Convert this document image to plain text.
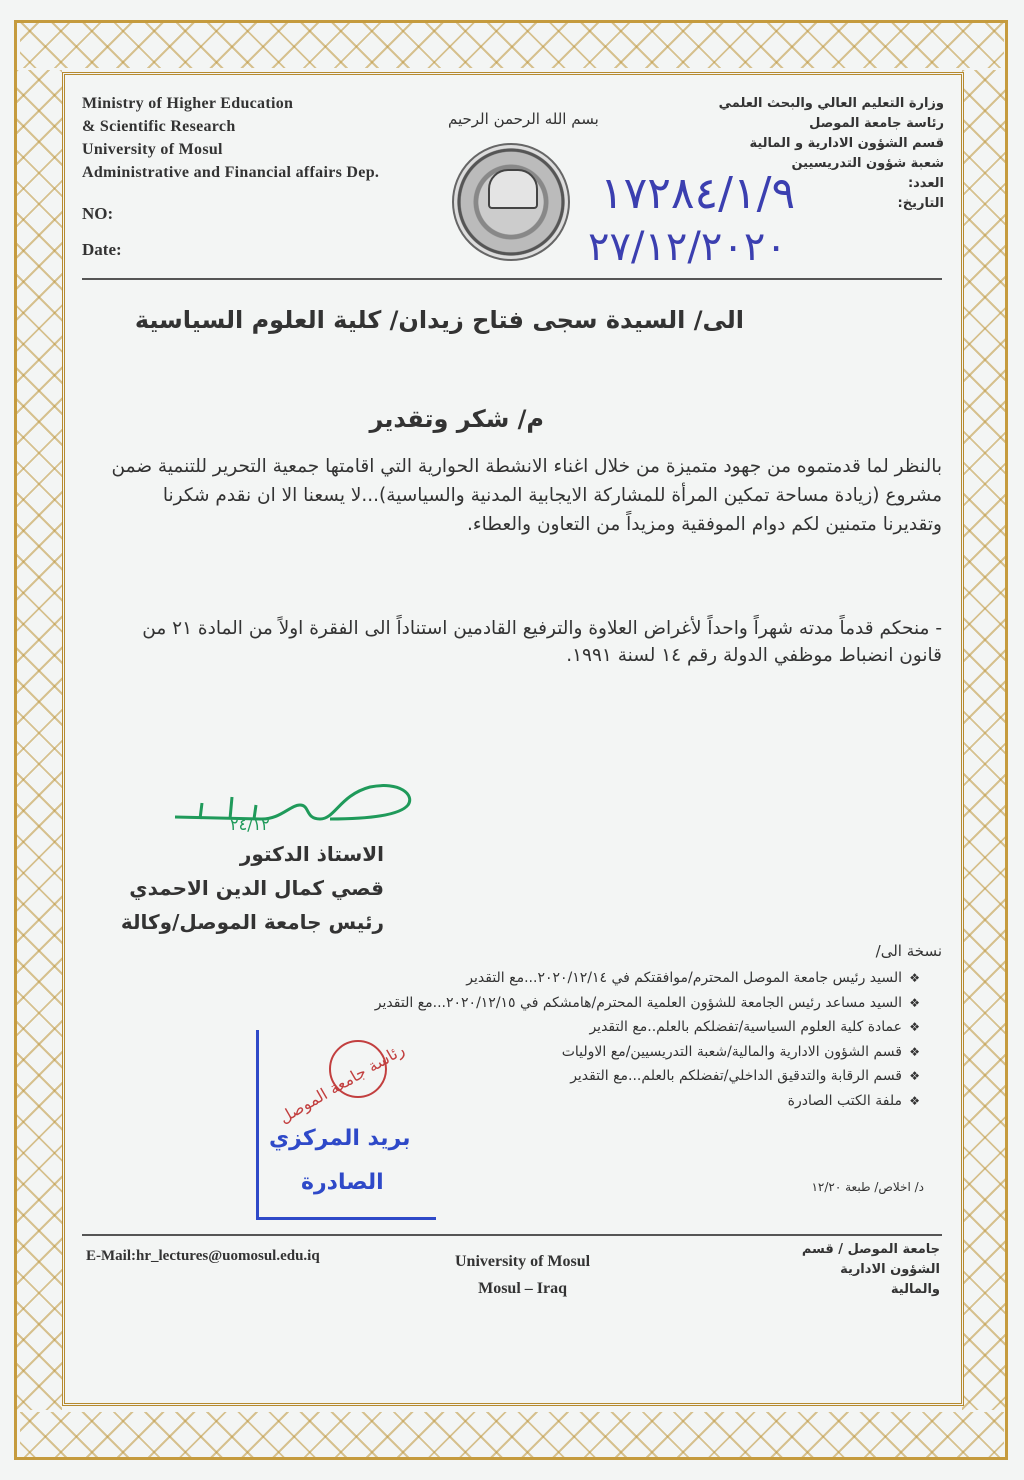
Ministry of Higher Education
& Scientific Research
University of Mosul
Administrative and Financial affairs Dep.
NO:
Date:
بسم الله الرحمن الرحيم
وزارة التعليم العالي والبحث العلمي
رئاسة جامعة الموصل
قسم الشؤون الادارية و المالية
شعبة شؤون التدريسيين
العدد:
التاريخ:
١٧٢٨٤/١/٩
٢٧/١٢/٢٠٢٠
الى/ السيدة سجى فتاح زيدان/ كلية العلوم السياسية
م/ شكر وتقدير
بالنظر لما قدمتموه من جهود متميزة من خلال اغناء الانشطة الحوارية التي اقامتها جمعية التحرير للتنمية ضمن مشروع (زيادة مساحة تمكين المرأة للمشاركة الايجابية المدنية والسياسية)...لا يسعنا الا ان نقدم شكرنا وتقديرنا متمنين لكم دوام الموفقية ومزيداً من التعاون والعطاء.
- منحكم قدماً مدته شهراً واحداً لأغراض العلاوة والترفيع القادمين استناداً الى الفقرة اولاً من المادة ٢١ من قانون انضباط موظفي الدولة رقم ١٤ لسنة ١٩٩١.
٢٤/١٢
الاستاذ الدكتور
قصي كمال الدين الاحمدي
رئيس جامعة الموصل/وكالة
نسخة الى/
❖
السيد رئيس جامعة الموصل المحترم/موافقتكم في ٢٠٢٠/١٢/١٤...مع التقدير
❖
السيد مساعد رئيس الجامعة للشؤون العلمية المحترم/هامشكم في ٢٠٢٠/١٢/١٥...مع التقدير
❖
عمادة كلية العلوم السياسية/تفضلكم بالعلم..مع التقدير
❖
قسم الشؤون الادارية والمالية/شعبة التدريسيين/مع الاوليات
❖
قسم الرقابة والتدقيق الداخلي/تفضلكم بالعلم...مع التقدير
❖
ملفة الكتب الصادرة
رئاسة جامعة الموصل
بريد المركزي
الصادرة	د/ اخلاص/ طبعة ١٢/٢٠
E-Mail:hr_lectures@uomosul.edu.iq	University of Mosul
Mosul – Iraq
جامعة الموصل / قسم
الشؤون الادارية
والمالية
